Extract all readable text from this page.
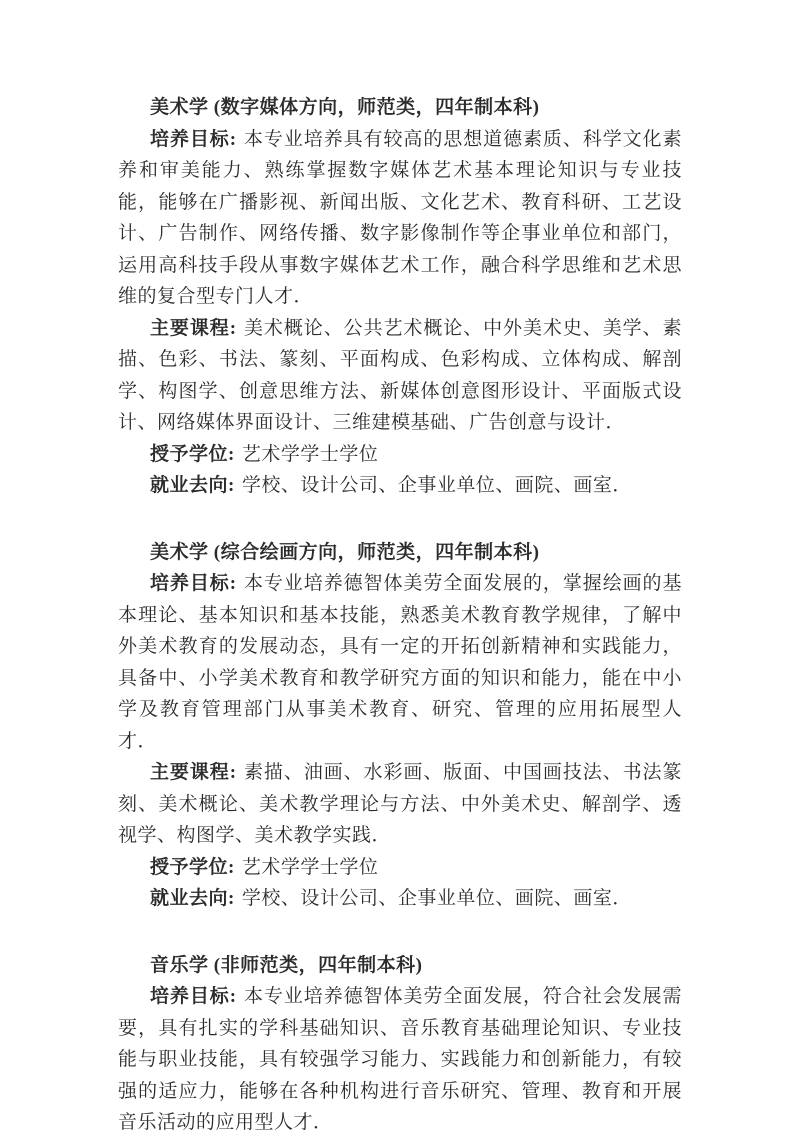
美术学 (数字媒体方向，师范类，四年制本科)

培养目标: 本专业培养具有较高的思想道德素质、科学文化素养和审美能力、熟练掌握数字媒体艺术基本理论知识与专业技能，能够在广播影视、新闻出版、文化艺术、教育科研、工艺设计、广告制作、网络传播、数字影像制作等企事业单位和部门，运用高科技手段从事数字媒体艺术工作，融合科学思维和艺术思维的复合型专门人才．

主要课程: 美术概论、公共艺术概论、中外美术史、美学、素描、色彩、书法、篆刻、平面构成、色彩构成、立体构成、解剖学、构图学、创意思维方法、新媒体创意图形设计、平面版式设计、网络媒体界面设计、三维建模基础、广告创意与设计．

授予学位: 艺术学学士学位

就业去向: 学校、设计公司、企事业单位、画院、画室．

美术学 (综合绘画方向，师范类，四年制本科)

培养目标: 本专业培养德智体美劳全面发展的，掌握绘画的基本理论、基本知识和基本技能，熟悉美术教育教学规律，了解中外美术教育的发展动态，具有一定的开拓创新精神和实践能力，具备中、小学美术教育和教学研究方面的知识和能力，能在中小学及教育管理部门从事美术教育、研究、管理的应用拓展型人才．

主要课程: 素描、油画、水彩画、版面、中国画技法、书法篆刻、美术概论、美术教学理论与方法、中外美术史、解剖学、透视学、构图学、美术教学实践．

授予学位: 艺术学学士学位

就业去向: 学校、设计公司、企事业单位、画院、画室．

音乐学 (非师范类，四年制本科)

培养目标: 本专业培养德智体美劳全面发展，符合社会发展需要，具有扎实的学科基础知识、音乐教育基础理论知识、专业技能与职业技能，具有较强学习能力、实践能力和创新能力，有较强的适应力，能够在各种机构进行音乐研究、管理、教育和开展音乐活动的应用型人才．
